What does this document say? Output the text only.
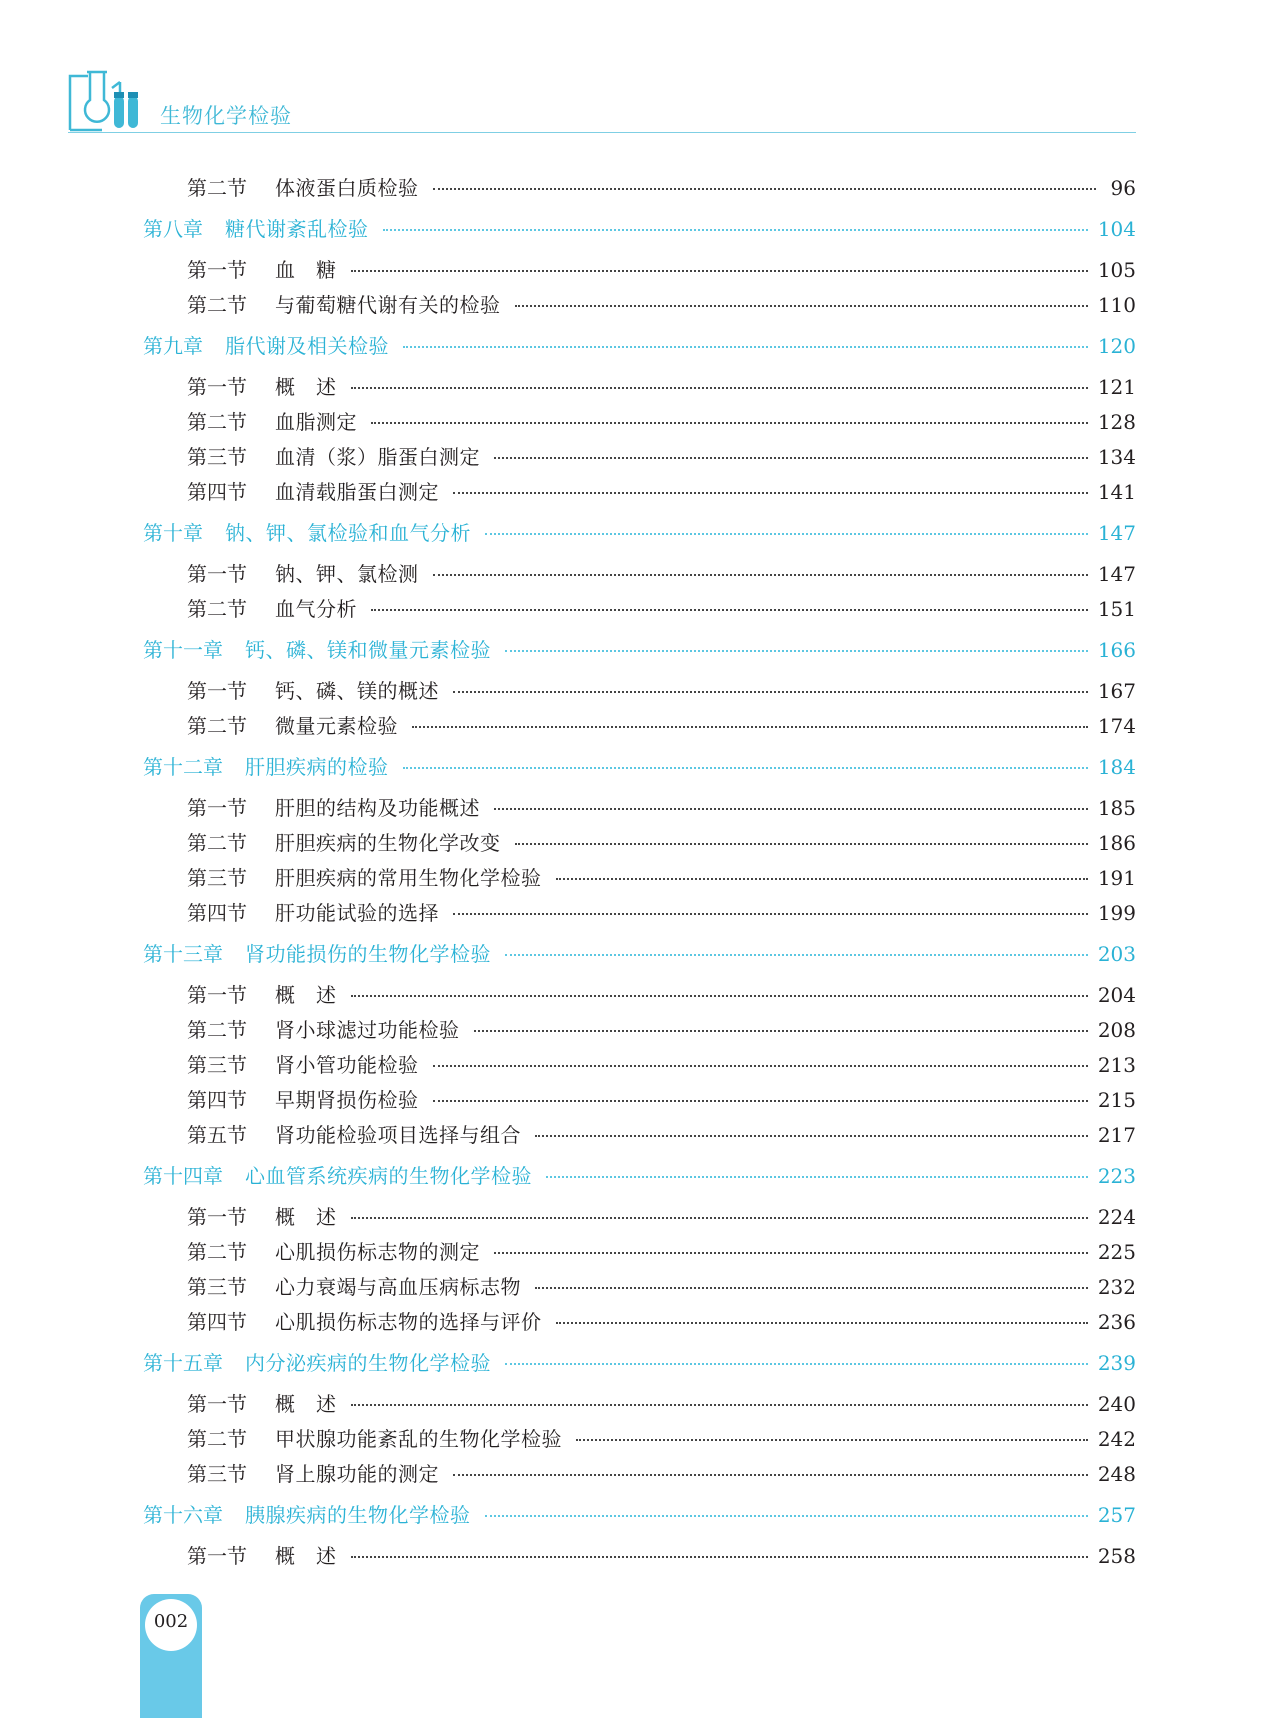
生物化学检验
第二节	体液蛋白质检验	96
第八章 糖代谢紊乱检验	104
第一节	血　糖	105
第二节	与葡萄糖代谢有关的检验	110
第九章 脂代谢及相关检验	120
第一节	概　述	121
第二节	血脂测定	128
第三节	血清（浆）脂蛋白测定	134
第四节	血清载脂蛋白测定	141
第十章 钠、钾、氯检验和血气分析	147
第一节	钠、钾、氯检测	147
第二节	血气分析	151
第十一章 钙、磷、镁和微量元素检验	166
第一节	钙、磷、镁的概述	167
第二节	微量元素检验	174
第十二章 肝胆疾病的检验	184
第一节	肝胆的结构及功能概述	185
第二节	肝胆疾病的生物化学改变	186
第三节	肝胆疾病的常用生物化学检验	191
第四节	肝功能试验的选择	199
第十三章 肾功能损伤的生物化学检验	203
第一节	概　述	204
第二节	肾小球滤过功能检验	208
第三节	肾小管功能检验	213
第四节	早期肾损伤检验	215
第五节	肾功能检验项目选择与组合	217
第十四章 心血管系统疾病的生物化学检验	223
第一节	概　述	224
第二节	心肌损伤标志物的测定	225
第三节	心力衰竭与高血压病标志物	232
第四节	心肌损伤标志物的选择与评价	236
第十五章 内分泌疾病的生物化学检验	239
第一节	概　述	240
第二节	甲状腺功能紊乱的生物化学检验	242
第三节	肾上腺功能的测定	248
第十六章 胰腺疾病的生物化学检验	257
第一节	概　述	258
002
